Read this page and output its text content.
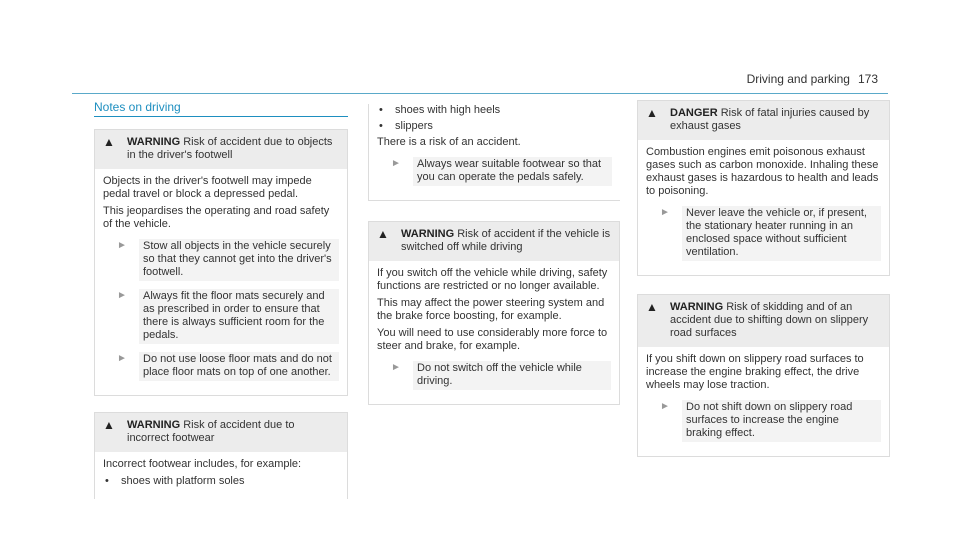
Driving and parking 173
Notes on driving
▲	WARNING Risk of accident due to objects in the driver's footwell

Objects in the driver's footwell may impede pedal travel or block a depressed pedal.

This jeopardises the operating and road safety of the vehicle.

►	Stow all objects in the vehicle securely so that they cannot get into the driver's footwell.
►	Always fit the floor mats securely and as prescribed in order to ensure that there is always sufficient room for the pedals.
►	Do not use loose floor mats and do not place floor mats on top of one another.
▲	WARNING Risk of accident due to incorrect footwear

Incorrect footwear includes, for example:

•	shoes with platform soles
•	shoes with high heels
•	slippers

There is a risk of an accident.

►	Always wear suitable footwear so that you can operate the pedals safely.
▲	WARNING Risk of accident if the vehicle is switched off while driving

If you switch off the vehicle while driving, safety functions are restricted or no longer available.

This may affect the power steering system and the brake force boosting, for example.

You will need to use considerably more force to steer and brake, for example.

►	Do not switch off the vehicle while driving.
▲	DANGER Risk of fatal injuries caused by exhaust gases

Combustion engines emit poisonous exhaust gases such as carbon monoxide. Inhaling these exhaust gases is hazardous to health and leads to poisoning.

►	Never leave the vehicle or, if present, the stationary heater running in an enclosed space without sufficient ventilation.
▲	WARNING Risk of skidding and of an accident due to shifting down on slippery road surfaces

If you shift down on slippery road surfaces to increase the engine braking effect, the drive wheels may lose traction.

►	Do not shift down on slippery road surfaces to increase the engine braking effect.
